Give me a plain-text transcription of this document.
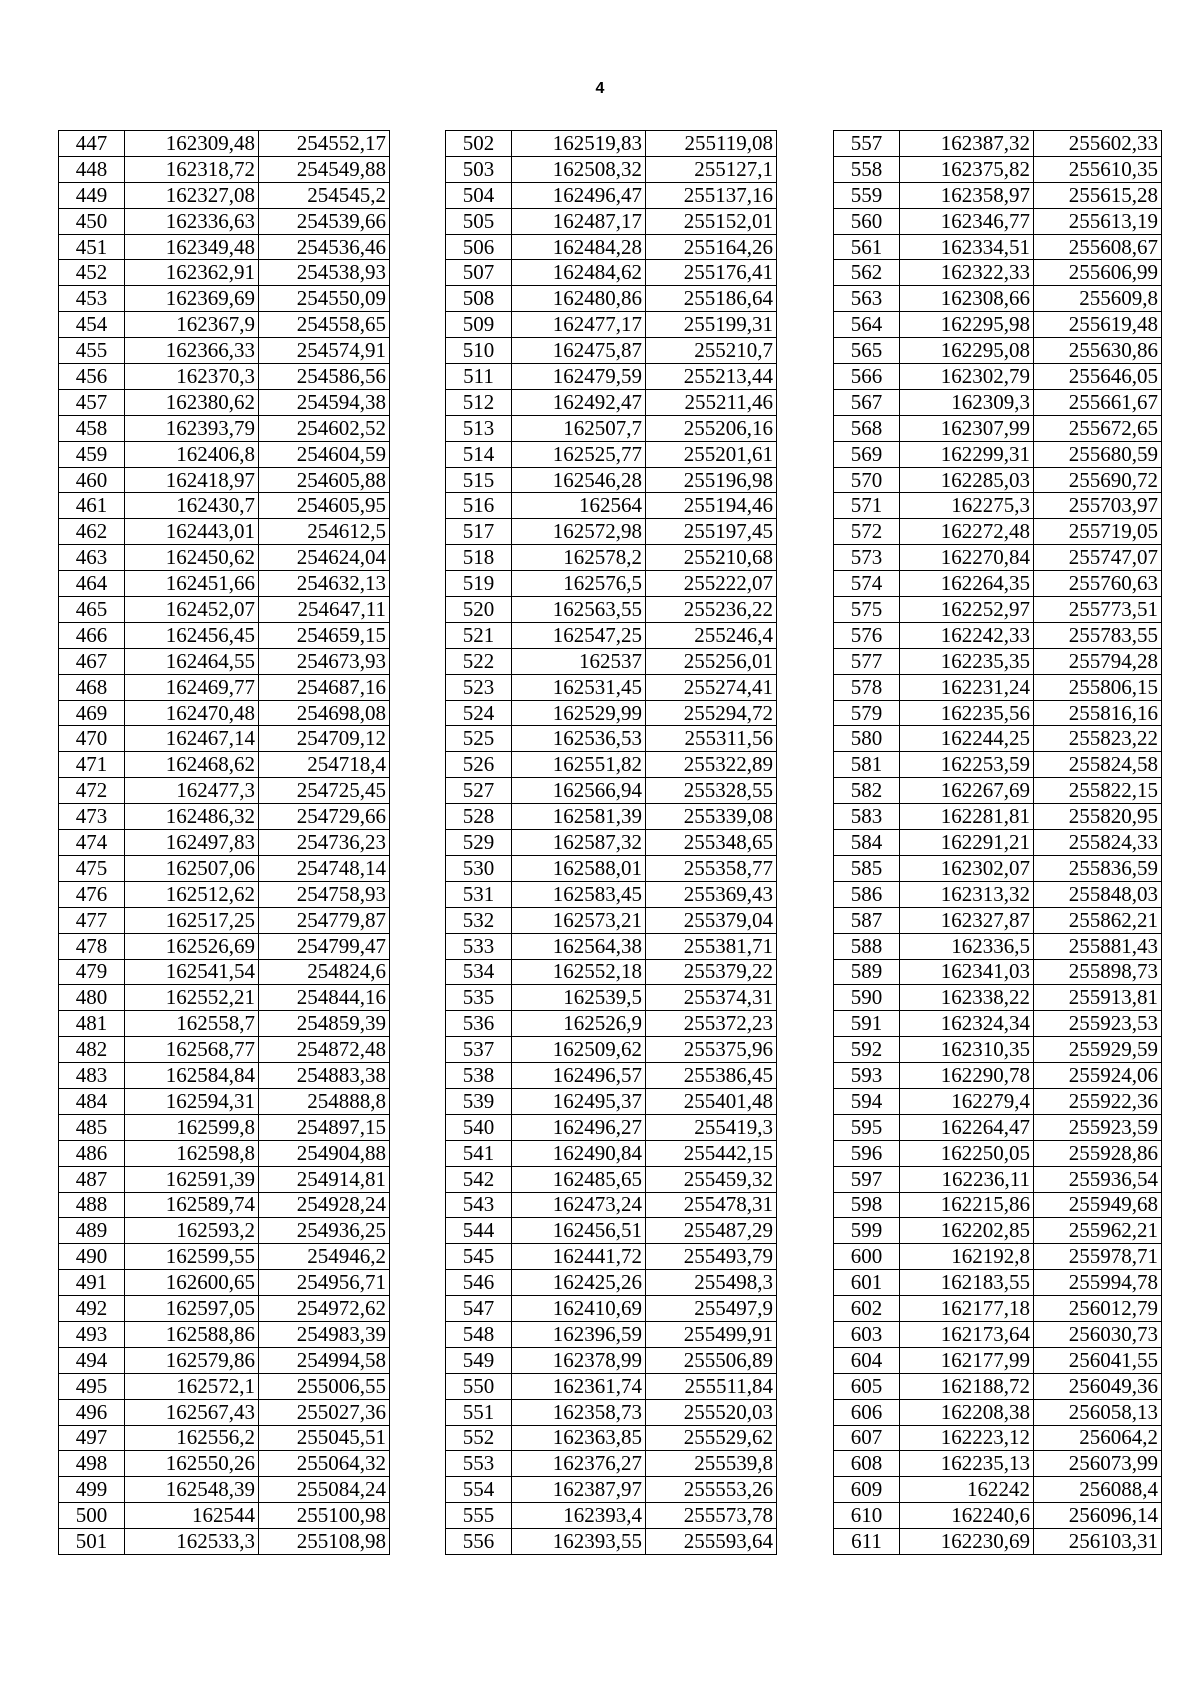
4
447	162309,48	254552,17
448	162318,72	254549,88
449	162327,08	254545,2
450	162336,63	254539,66
451	162349,48	254536,46
452	162362,91	254538,93
453	162369,69	254550,09
454	162367,9	254558,65
455	162366,33	254574,91
456	162370,3	254586,56
457	162380,62	254594,38
458	162393,79	254602,52
459	162406,8	254604,59
460	162418,97	254605,88
461	162430,7	254605,95
462	162443,01	254612,5
463	162450,62	254624,04
464	162451,66	254632,13
465	162452,07	254647,11
466	162456,45	254659,15
467	162464,55	254673,93
468	162469,77	254687,16
469	162470,48	254698,08
470	162467,14	254709,12
471	162468,62	254718,4
472	162477,3	254725,45
473	162486,32	254729,66
474	162497,83	254736,23
475	162507,06	254748,14
476	162512,62	254758,93
477	162517,25	254779,87
478	162526,69	254799,47
479	162541,54	254824,6
480	162552,21	254844,16
481	162558,7	254859,39
482	162568,77	254872,48
483	162584,84	254883,38
484	162594,31	254888,8
485	162599,8	254897,15
486	162598,8	254904,88
487	162591,39	254914,81
488	162589,74	254928,24
489	162593,2	254936,25
490	162599,55	254946,2
491	162600,65	254956,71
492	162597,05	254972,62
493	162588,86	254983,39
494	162579,86	254994,58
495	162572,1	255006,55
496	162567,43	255027,36
497	162556,2	255045,51
498	162550,26	255064,32
499	162548,39	255084,24
500	162544	255100,98
501	162533,3	255108,98
502	162519,83	255119,08
503	162508,32	255127,1
504	162496,47	255137,16
505	162487,17	255152,01
506	162484,28	255164,26
507	162484,62	255176,41
508	162480,86	255186,64
509	162477,17	255199,31
510	162475,87	255210,7
511	162479,59	255213,44
512	162492,47	255211,46
513	162507,7	255206,16
514	162525,77	255201,61
515	162546,28	255196,98
516	162564	255194,46
517	162572,98	255197,45
518	162578,2	255210,68
519	162576,5	255222,07
520	162563,55	255236,22
521	162547,25	255246,4
522	162537	255256,01
523	162531,45	255274,41
524	162529,99	255294,72
525	162536,53	255311,56
526	162551,82	255322,89
527	162566,94	255328,55
528	162581,39	255339,08
529	162587,32	255348,65
530	162588,01	255358,77
531	162583,45	255369,43
532	162573,21	255379,04
533	162564,38	255381,71
534	162552,18	255379,22
535	162539,5	255374,31
536	162526,9	255372,23
537	162509,62	255375,96
538	162496,57	255386,45
539	162495,37	255401,48
540	162496,27	255419,3
541	162490,84	255442,15
542	162485,65	255459,32
543	162473,24	255478,31
544	162456,51	255487,29
545	162441,72	255493,79
546	162425,26	255498,3
547	162410,69	255497,9
548	162396,59	255499,91
549	162378,99	255506,89
550	162361,74	255511,84
551	162358,73	255520,03
552	162363,85	255529,62
553	162376,27	255539,8
554	162387,97	255553,26
555	162393,4	255573,78
556	162393,55	255593,64
557	162387,32	255602,33
558	162375,82	255610,35
559	162358,97	255615,28
560	162346,77	255613,19
561	162334,51	255608,67
562	162322,33	255606,99
563	162308,66	255609,8
564	162295,98	255619,48
565	162295,08	255630,86
566	162302,79	255646,05
567	162309,3	255661,67
568	162307,99	255672,65
569	162299,31	255680,59
570	162285,03	255690,72
571	162275,3	255703,97
572	162272,48	255719,05
573	162270,84	255747,07
574	162264,35	255760,63
575	162252,97	255773,51
576	162242,33	255783,55
577	162235,35	255794,28
578	162231,24	255806,15
579	162235,56	255816,16
580	162244,25	255823,22
581	162253,59	255824,58
582	162267,69	255822,15
583	162281,81	255820,95
584	162291,21	255824,33
585	162302,07	255836,59
586	162313,32	255848,03
587	162327,87	255862,21
588	162336,5	255881,43
589	162341,03	255898,73
590	162338,22	255913,81
591	162324,34	255923,53
592	162310,35	255929,59
593	162290,78	255924,06
594	162279,4	255922,36
595	162264,47	255923,59
596	162250,05	255928,86
597	162236,11	255936,54
598	162215,86	255949,68
599	162202,85	255962,21
600	162192,8	255978,71
601	162183,55	255994,78
602	162177,18	256012,79
603	162173,64	256030,73
604	162177,99	256041,55
605	162188,72	256049,36
606	162208,38	256058,13
607	162223,12	256064,2
608	162235,13	256073,99
609	162242	256088,4
610	162240,6	256096,14
611	162230,69	256103,31
